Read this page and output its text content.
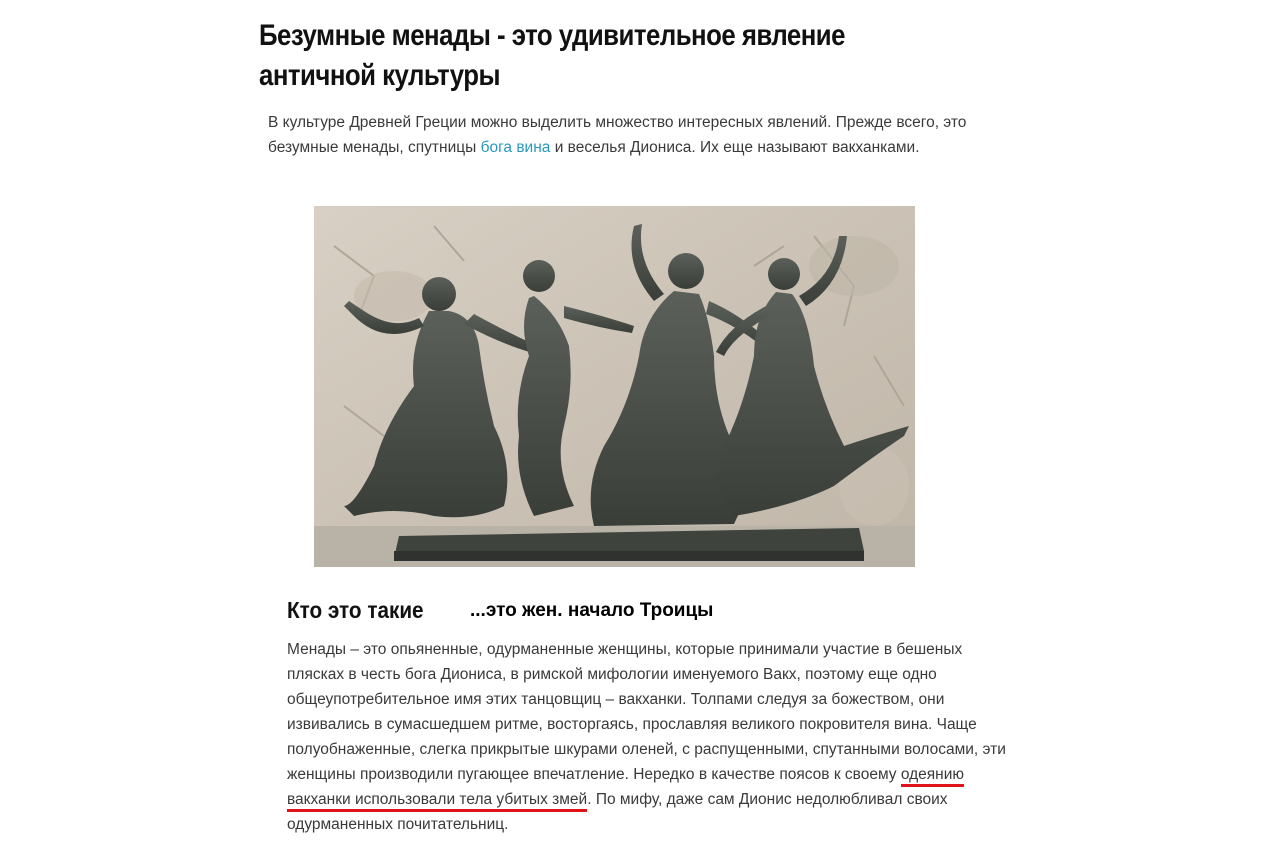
Безумные менады - это удивительное явление античной культуры

В культуре Древней Греции можно выделить множество интересных явлений. Прежде всего, это безумные менады, спутницы бога вина и веселья Диониса. Их еще называют вакханками.

Кто это такие ...это жен. начало Троицы

Менады – это опьяненные, одурманенные женщины, которые принимали участие в бешеных плясках в честь бога Диониса, в римской мифологии именуемого Вакх, поэтому еще одно общеупотребительное имя этих танцовщиц – вакханки. Толпами следуя за божеством, они извивались в сумасшедшем ритме, восторгаясь, прославляя великого покровителя вина. Чаще полуобнаженные, слегка прикрытые шкурами оленей, с распущенными, спутанными волосами, эти женщины производили пугающее впечатление. Нередко в качестве поясов к своему одеянию вакханки использовали тела убитых змей. По мифу, даже сам Дионис недолюбливал своих одурманенных почитательниц.
